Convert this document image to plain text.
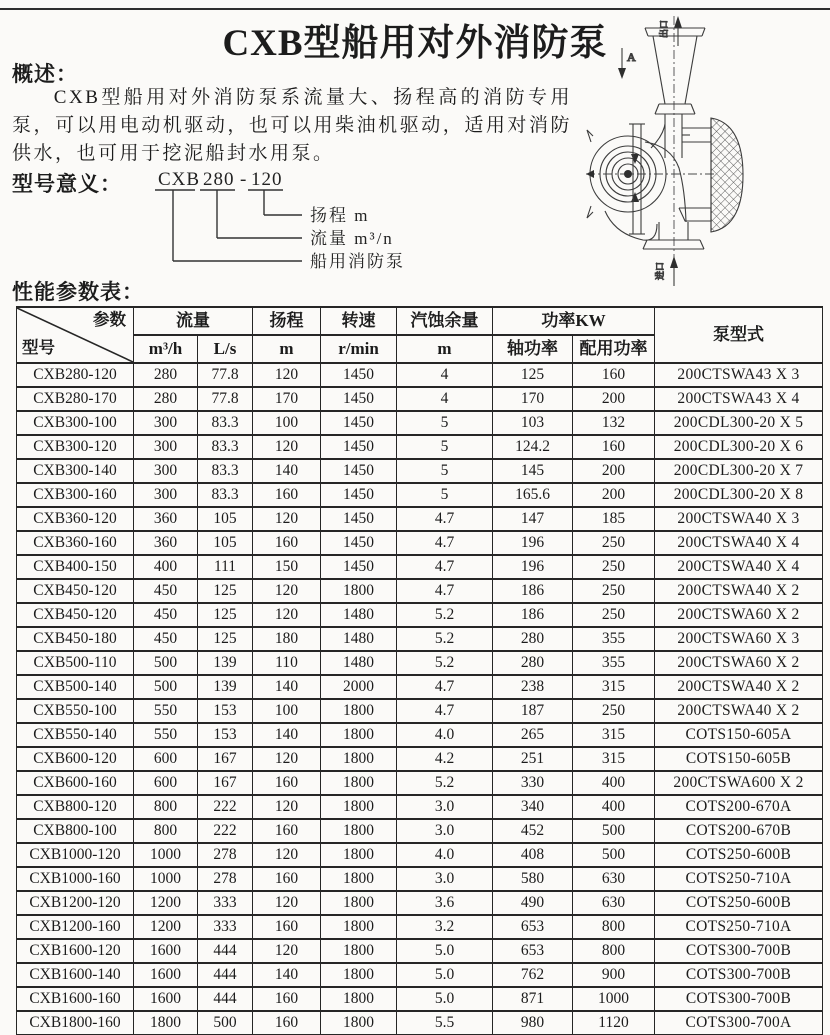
CXB型船用对外消防泵	出口
A
进口
概述：

CXB型船用对外消防泵系流量大、扬程高的消防专用泵，可以用电动机驱动，也可以用柴油机驱动，适用对消防供水，也可用于挖泥船封水用泵。

型号意义： CXB 280 - 120
扬程 m
流量 m³/n
船用消防泵
性能参数表：
参数
型号	流量		扬程	转速	汽蚀余量	功率KW		泵型式
	m³/h	L/s	m	r/min	m	轴功率	配用功率	
CXB280-120	280	77.8	120	1450	4	125	160	200CTSWA43 X 3
CXB280-170	280	77.8	170	1450	4	170	200	200CTSWA43 X 4
CXB300-100	300	83.3	100	1450	5	103	132	200CDL300-20 X 5
CXB300-120	300	83.3	120	1450	5	124.2	160	200CDL300-20 X 6
CXB300-140	300	83.3	140	1450	5	145	200	200CDL300-20 X 7
CXB300-160	300	83.3	160	1450	5	165.6	200	200CDL300-20 X 8
CXB360-120	360	105	120	1450	4.7	147	185	200CTSWA40 X 3
CXB360-160	360	105	160	1450	4.7	196	250	200CTSWA40 X 4
CXB400-150	400	111	150	1450	4.7	196	250	200CTSWA40 X 4
CXB450-120	450	125	120	1800	4.7	186	250	200CTSWA40 X 2
CXB450-120	450	125	120	1480	5.2	186	250	200CTSWA60 X 2
CXB450-180	450	125	180	1480	5.2	280	355	200CTSWA60 X 3
CXB500-110	500	139	110	1480	5.2	280	355	200CTSWA60 X 2
CXB500-140	500	139	140	2000	4.7	238	315	200CTSWA40 X 2
CXB550-100	550	153	100	1800	4.7	187	250	200CTSWA40 X 2
CXB550-140	550	153	140	1800	4.0	265	315	COTS150-605A
CXB600-120	600	167	120	1800	4.2	251	315	COTS150-605B
CXB600-160	600	167	160	1800	5.2	330	400	200CTSWA600 X 2
CXB800-120	800	222	120	1800	3.0	340	400	COTS200-670A
CXB800-100	800	222	160	1800	3.0	452	500	COTS200-670B
CXB1000-120	1000	278	120	1800	4.0	408	500	COTS250-600B
CXB1000-160	1000	278	160	1800	3.0	580	630	COTS250-710A
CXB1200-120	1200	333	120	1800	3.6	490	630	COTS250-600B
CXB1200-160	1200	333	160	1800	3.2	653	800	COTS250-710A
CXB1600-120	1600	444	120	1800	5.0	653	800	COTS300-700B
CXB1600-140	1600	444	140	1800	5.0	762	900	COTS300-700B
CXB1600-160	1600	444	160	1800	5.0	871	1000	COTS300-700B
CXB1800-160	1800	500	160	1800	5.5	980	1120	COTS300-700A
